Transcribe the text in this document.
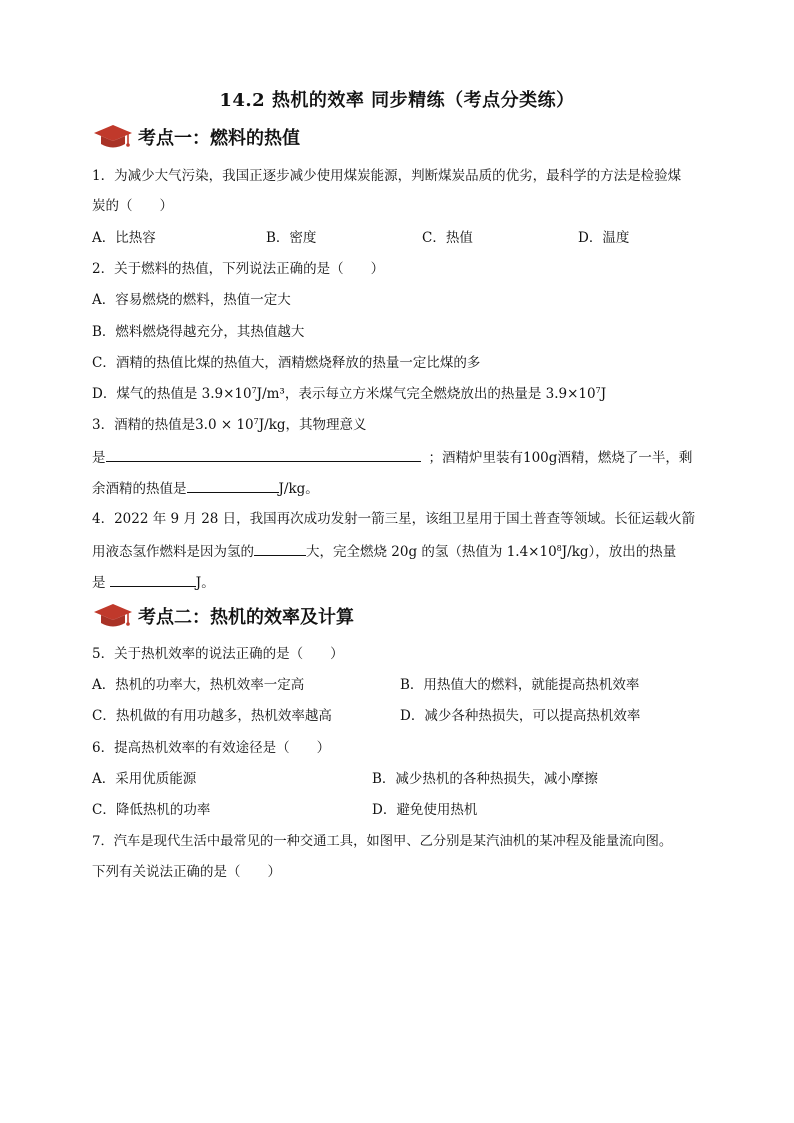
14.2 热机的效率 同步精练（考点分类练）
考点一：燃料的热值
1．为减少大气污染，我国正逐步减少使用煤炭能源，判断煤炭品质的优劣，最科学的方法是检验煤
炭的（　　）
A．比热容	B．密度	C．热值	D．温度
2．关于燃料的热值，下列说法正确的是（　　）
A．容易燃烧的燃料，热值一定大
B．燃料燃烧得越充分，其热值越大
C．酒精的热值比煤的热值大，酒精燃烧释放的热量一定比煤的多
D．煤气的热值是 $3.9\times 10^7J/m^3$，表示每立方米煤气完全燃烧放出的热量是 $3.9\times 10^7J$
3．酒精的热值是$3.0 \times 10^7J/kg$，其物理意义
是	；酒精炉里装有100g酒精，燃烧了一半，剩
余酒精的热值是	J/kg。
4．2022 年 9 月 28 日，我国再次成功发射一箭三星，该组卫星用于国土普查等领域。长征运载火箭
用液态氢作燃料是因为氢的	大，完全燃烧 20g 的氢（热值为 $1.4\times 10^8J/kg$），放出的热量
是	J。
考点二：热机的效率及计算
5．关于热机效率的说法正确的是（　　）
A．热机的功率大，热机效率一定高	B．用热值大的燃料，就能提高热机效率
C．热机做的有用功越多，热机效率越高	D．减少各种热损失，可以提高热机效率
6．提高热机效率的有效途径是（　　）
A．采用优质能源	B．减少热机的各种热损失，减小摩擦
C．降低热机的功率	D．避免使用热机
7．汽车是现代生活中最常见的一种交通工具，如图甲、乙分别是某汽油机的某冲程及能量流向图。
下列有关说法正确的是（　　）
